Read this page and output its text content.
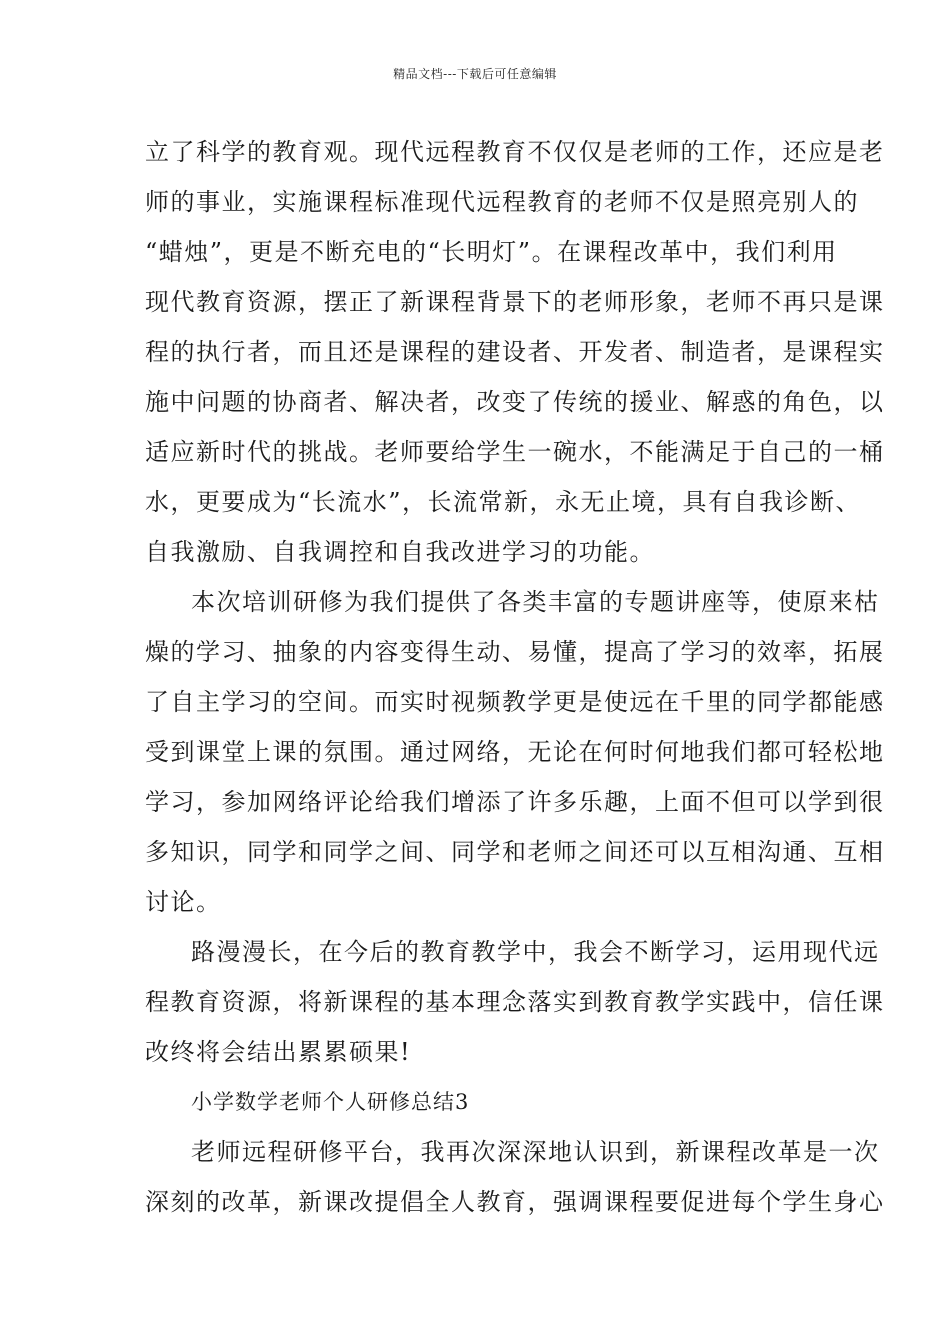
精品文档---下载后可任意编辑
立了科学的教育观。现代远程教育不仅仅是老师的工作，还应是老
师的事业，实施课程标准现代远程教育的老师不仅是照亮别人的
“蜡烛”，更是不断充电的“长明灯”。在课程改革中，我们利用
现代教育资源，摆正了新课程背景下的老师形象，老师不再只是课
程的执行者，而且还是课程的建设者、开发者、制造者，是课程实
施中问题的协商者、解决者，改变了传统的援业、解惑的角色，以
适应新时代的挑战。老师要给学生一碗水，不能满足于自己的一桶
水，更要成为“长流水”，长流常新，永无止境，具有自我诊断、
自我激励、自我调控和自我改进学习的功能。
本次培训研修为我们提供了各类丰富的专题讲座等，使原来枯
燥的学习、抽象的内容变得生动、易懂，提高了学习的效率，拓展
了自主学习的空间。而实时视频教学更是使远在千里的同学都能感
受到课堂上课的氛围。通过网络，无论在何时何地我们都可轻松地
学习，参加网络评论给我们增添了许多乐趣，上面不但可以学到很
多知识，同学和同学之间、同学和老师之间还可以互相沟通、互相
讨论。
路漫漫长，在今后的教育教学中，我会不断学习，运用现代远
程教育资源，将新课程的基本理念落实到教育教学实践中，信任课
改终将会结出累累硕果!
小学数学老师个人研修总结3
老师远程研修平台，我再次深深地认识到，新课程改革是一次
深刻的改革，新课改提倡全人教育，强调课程要促进每个学生身心
